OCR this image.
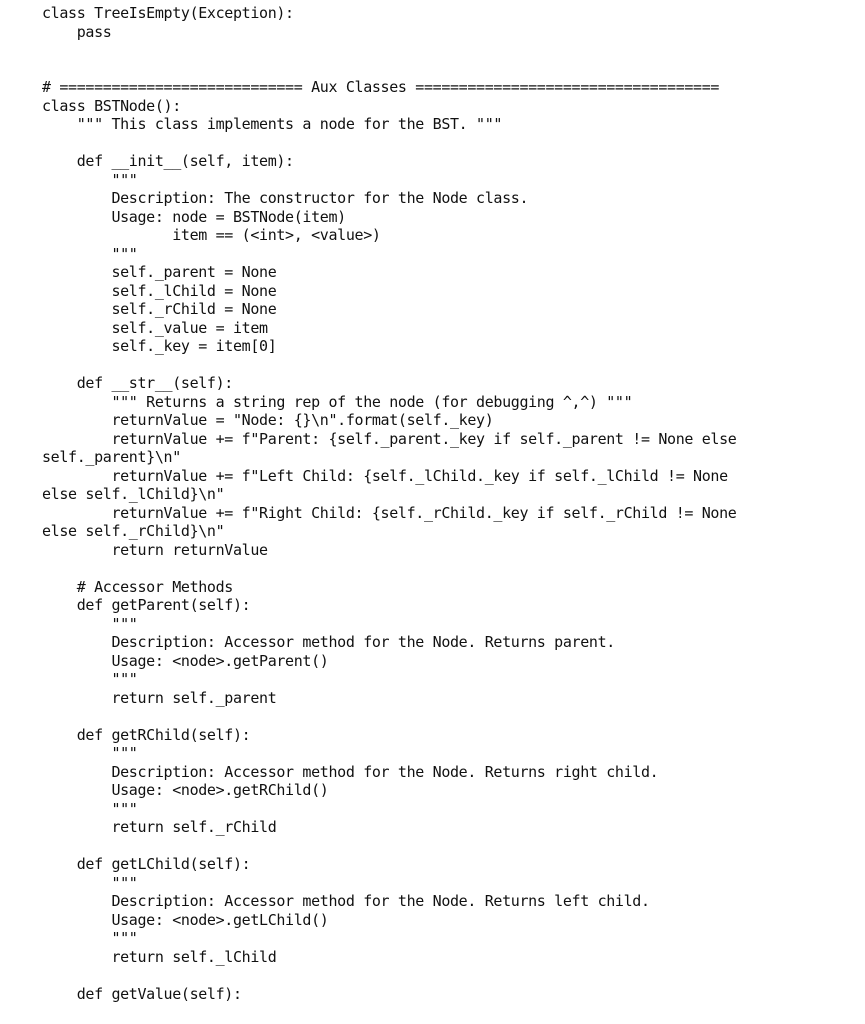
class TreeIsEmpty(Exception):
pass
# ============================ Aux Classes ===================================
class BSTNode():
""" This class implements a node for the BST. """
def __init__(self, item):
"""
Description: The constructor for the Node class.
Usage: node = BSTNode(item)
item == (<int>, <value>)
"""
self._parent = None
self._lChild = None
self._rChild = None
self._value = item
self._key = item[0]
def __str__(self):
""" Returns a string rep of the node (for debugging ^,^) """
returnValue = "Node: {}\n".format(self._key)
returnValue += f"Parent: {self._parent._key if self._parent != None else
self._parent}\n"
returnValue += f"Left Child: {self._lChild._key if self._lChild != None
else self._lChild}\n"
returnValue += f"Right Child: {self._rChild._key if self._rChild != None
else self._rChild}\n"
return returnValue
# Accessor Methods
def getParent(self):
"""
Description: Accessor method for the Node. Returns parent.
Usage: <node>.getParent()
"""
return self._parent
def getRChild(self):
"""
Description: Accessor method for the Node. Returns right child.
Usage: <node>.getRChild()
"""
return self._rChild
def getLChild(self):
"""
Description: Accessor method for the Node. Returns left child.
Usage: <node>.getLChild()
"""
return self._lChild
def getValue(self):
